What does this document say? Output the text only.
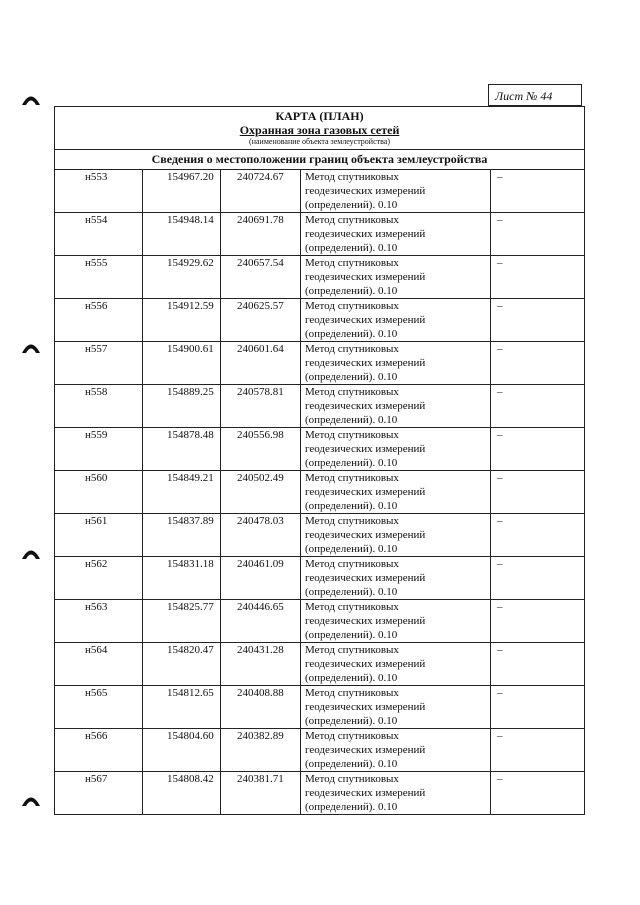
Лист № 44
КАРТА (ПЛАН)
Охранная зона газовых сетей
(наименование объекта землеустройства)				

Сведения о местоположении границ объекта землеустройства				
н553	154967.20	240724.67	Метод спутниковых
геодезических измерений
(определений). 0.10	–
н554	154948.14	240691.78	Метод спутниковых
геодезических измерений
(определений). 0.10	–
н555	154929.62	240657.54	Метод спутниковых
геодезических измерений
(определений). 0.10	–
н556	154912.59	240625.57	Метод спутниковых
геодезических измерений
(определений). 0.10	–
н557	154900.61	240601.64	Метод спутниковых
геодезических измерений
(определений). 0.10	–
н558	154889.25	240578.81	Метод спутниковых
геодезических измерений
(определений). 0.10	–
н559	154878.48	240556.98	Метод спутниковых
геодезических измерений
(определений). 0.10	–
н560	154849.21	240502.49	Метод спутниковых
геодезических измерений
(определений). 0.10	–
н561	154837.89	240478.03	Метод спутниковых
геодезических измерений
(определений). 0.10	–
н562	154831.18	240461.09	Метод спутниковых
геодезических измерений
(определений). 0.10	–
н563	154825.77	240446.65	Метод спутниковых
геодезических измерений
(определений). 0.10	–
н564	154820.47	240431.28	Метод спутниковых
геодезических измерений
(определений). 0.10	–
н565	154812.65	240408.88	Метод спутниковых
геодезических измерений
(определений). 0.10	–
н566	154804.60	240382.89	Метод спутниковых
геодезических измерений
(определений). 0.10	–
н567	154808.42	240381.71	Метод спутниковых
геодезических измерений
(определений). 0.10	–
